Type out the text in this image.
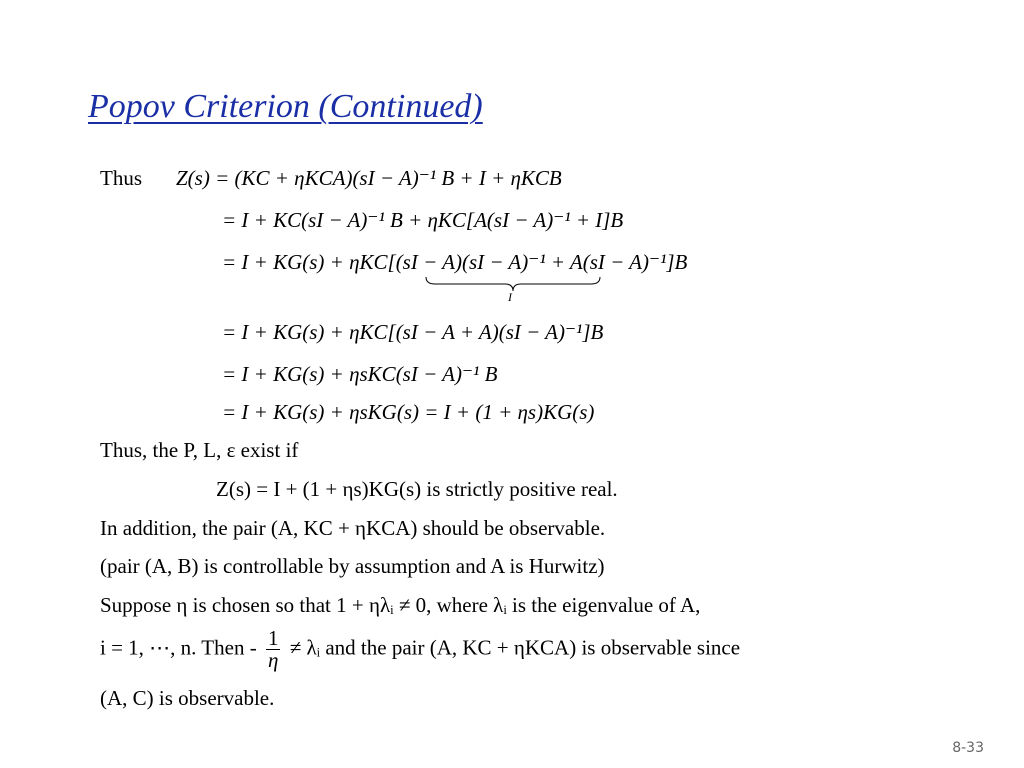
Popov Criterion (Continued)
Thus Z(s) = (KC + ηKCA)(sI − A)⁻¹ B + I + ηKCB
= I + KC(sI − A)⁻¹ B + ηKC[A(sI − A)⁻¹ + I]B
= I + KG(s) + ηKC[(sI − A)(sI − A)⁻¹ + A(sI − A)⁻¹]B
I
= I + KG(s) + ηKC[(sI − A + A)(sI − A)⁻¹]B
= I + KG(s) + ηsKC(sI − A)⁻¹ B
= I + KG(s) + ηsKG(s) = I + (1 + ηs)KG(s)
Thus, the P, L, ε exist if
Z(s) = I + (1 + ηs)KG(s) is strictly positive real.
In addition, the pair (A, KC + ηKCA) should be observable.
(pair (A, B) is controllable by assumption and A is Hurwitz)
Suppose η is chosen so that 1 + ηλᵢ ≠ 0, where λᵢ is the eigenvalue of A,
i = 1, ⋯, n. Then - $\frac{1}{\eta}$ ≠ λᵢ and the pair (A, KC + ηKCA) is observable since
(A, C) is observable.
8-33
